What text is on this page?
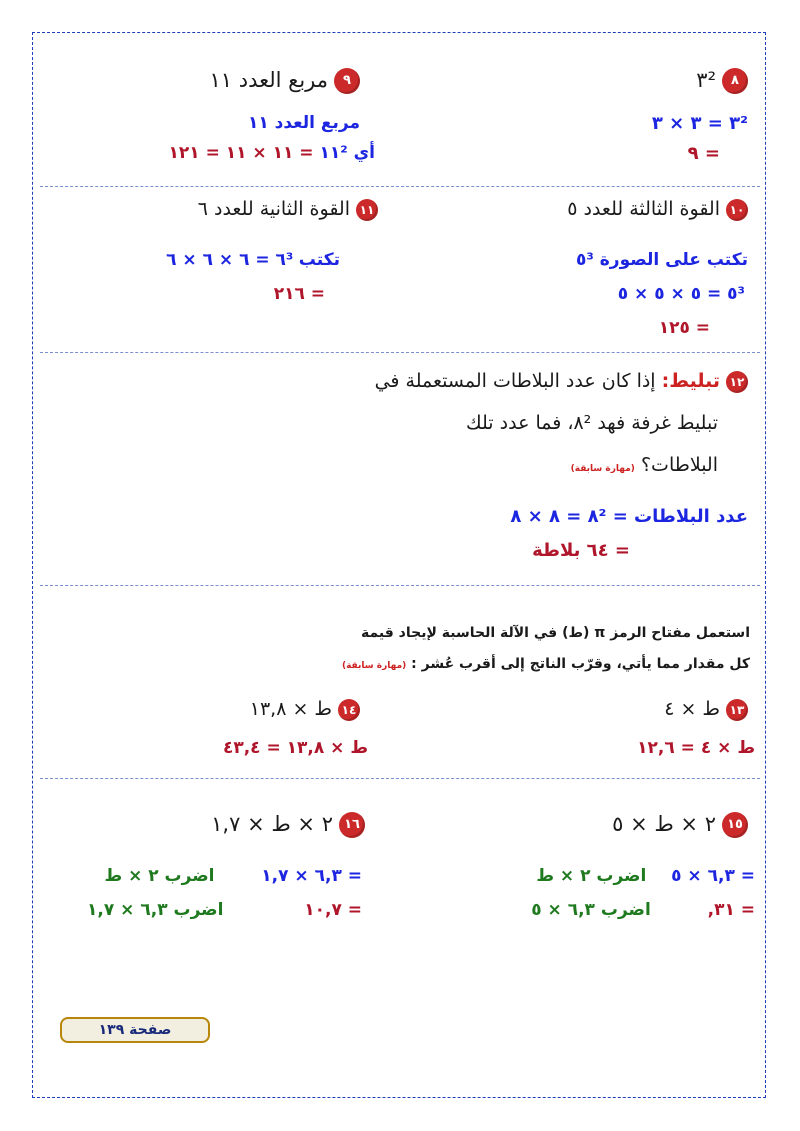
٩مربع العدد ١١
مربع العدد ١١
أي ١١² = ١١ × ١١ = ١٢١
٨٣²
٣² = ٣ × ٣
= ٩
١١القوة الثانية للعدد ٦
تكتب ٦³ = ٦ × ٦ × ٦
= ٢١٦
١٠القوة الثالثة للعدد ٥
تكتب على الصورة ٥³
٥³ = ٥ × ٥ × ٥
= ١٢٥
١٢تبليط: إذا كان عدد البلاطات المستعملة في
تبليط غرفة فهد ٨²، فما عدد تلك
البلاطات؟ (مهارة سابقة)
عدد البلاطات = ٨² = ٨ × ٨
= ٦٤ بلاطة
استعمل مفتاح الرمز π (ط) في الآلة الحاسبة لإيجاد قيمة
كل مقدار مما يأتي، وقرّب الناتج إلى أقرب عُشر : (مهارة سابقة)
١٤ط × ١٣,٨
ط × ١٣,٨ = ٤٣,٤
١٣ط × ٤
ط × ٤ = ١٢,٦
١٦٢ × ط × ١,٧
= ٦,٣ × ١,٧  اضرب ٢ × ط
= ١٠,٧  اضرب ٦,٣ × ١,٧
١٥٢ × ط × ٥
= ٦,٣ × ٥  اضرب ٢ × ط
= ٣١,  اضرب ٦,٣ × ٥
صفحة ١٣٩
